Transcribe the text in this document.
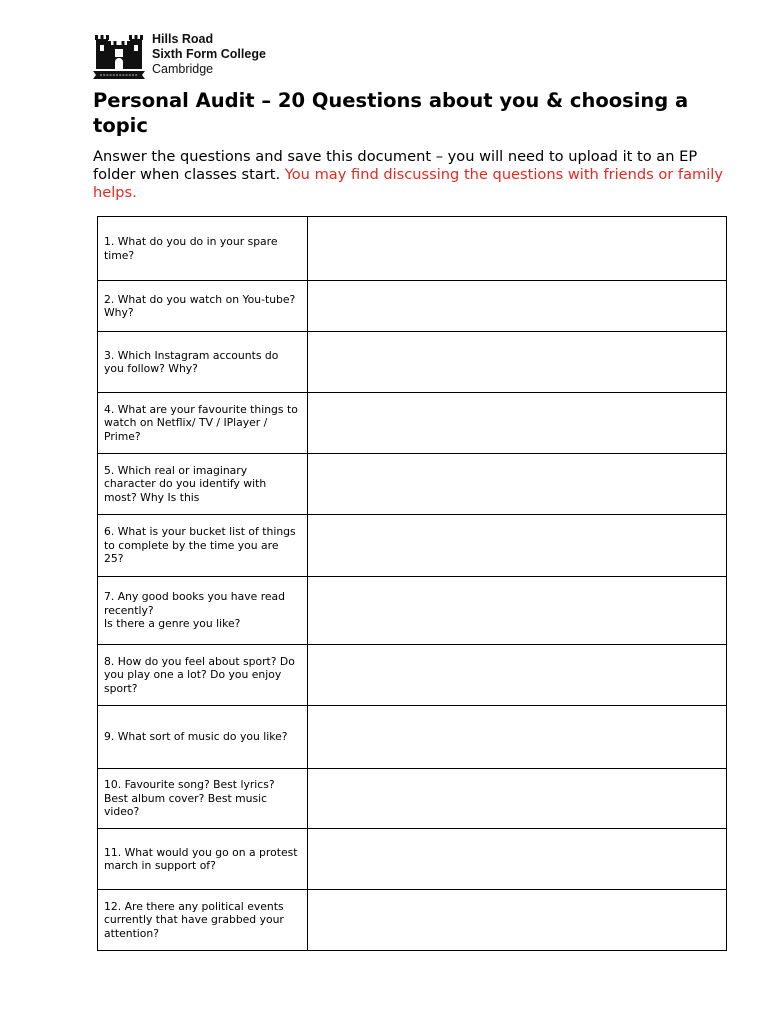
Hills Road
Sixth Form College
Cambridge
Personal Audit – 20 Questions about you & choosing a topic

Answer the questions and save this document – you will need to upload it to an EP folder when classes start. You may find discussing the questions with friends or family helps.

1. What do you do in your spare time?	

2. What do you watch on You-tube?
Why?	

3. Which Instagram accounts do you follow? Why?	

4. What are your favourite things to watch on Netflix/ TV / IPlayer / Prime?	

5. Which real or imaginary character do you identify with most? Why Is this	

6. What is your bucket list of things to complete by the time you are 25?	

7. Any good books you have read recently?
Is there a genre you like?	

8. How do you feel about sport? Do you play one a lot? Do you enjoy sport?	

9. What sort of music do you like?	

10. Favourite song? Best lyrics? Best album cover? Best music video?	

11. What would you go on a protest march in support of?	

12. Are there any political events currently that have grabbed your attention?	
